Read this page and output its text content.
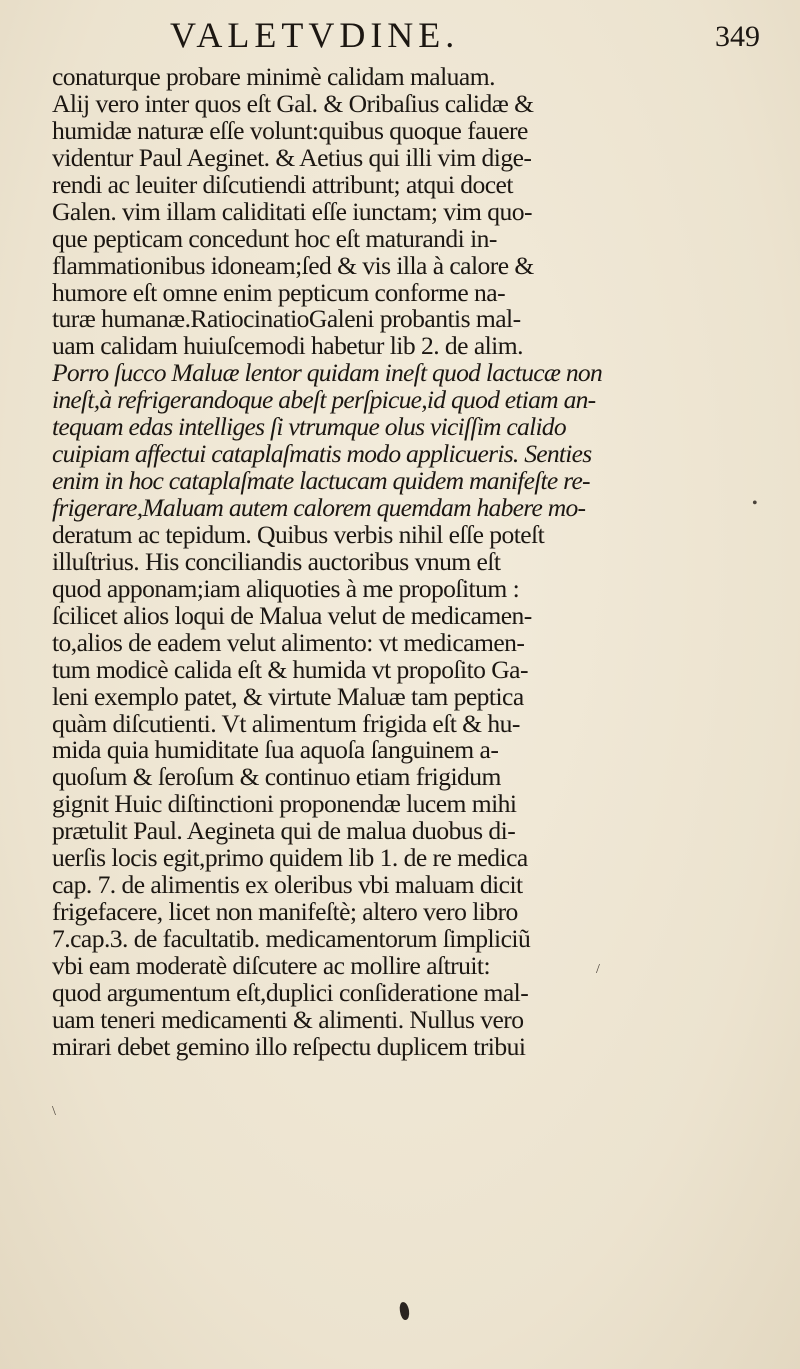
VALETVDINE.	349
conaturque probare minimè calidam maluam.
Alij vero inter quos eſt Gal. & Oribaſius calidæ &
humidæ naturæ eſſe volunt:quibus quoque fauere
videntur Paul Aeginet. & Aetius qui illi vim dige-
rendi ac leuiter diſcutiendi attribunt; atqui docet
Galen. vim illam caliditati eſſe iunctam; vim quo-
que pepticam concedunt hoc eſt maturandi in-
flammationibus idoneam;ſed & vis illa à calore &
humore eſt omne enim pepticum conforme na-
turæ humanæ.RatiocinatioGaleni probantis mal-
uam calidam huiuſcemodi habetur lib 2. de alim.
Porro ſucco Maluæ lentor quidam ineſt quod lactucæ non
ineſt,à refrigerandoque abeſt perſpicue,id quod etiam an-
tequam edas intelliges ſi vtrumque olus viciſſim calido
cuipiam affectui cataplaſmatis modo applicueris. Senties
enim in hoc cataplaſmate lactucam quidem manifeſte re-
frigerare,Maluam autem calorem quemdam habere mo-
deratum ac tepidum. Quibus verbis nihil eſſe poteſt
illuſtrius. His conciliandis auctoribus vnum eſt
quod apponam;iam aliquoties à me propoſitum :
ſcilicet alios loqui de Malua velut de medicamen-
to,alios de eadem velut alimento: vt medicamen-
tum modicè calida eſt & humida vt propoſito Ga-
leni exemplo patet, & virtute Maluæ tam peptica
quàm diſcutienti. Vt alimentum frigida eſt & hu-
mida quia humiditate ſua aquoſa ſanguinem a-
quoſum & ſeroſum & continuo etiam frigidum
gignit Huic diſtinctioni proponendæ lucem mihi
prætulit Paul. Aegineta qui de malua duobus di-
uerſis locis egit,primo quidem lib 1. de re medica
cap. 7. de alimentis ex oleribus vbi maluam dicit
frigefacere, licet non manifeſtè; altero vero libro
7.cap.3. de facultatib. medicamentorum ſimpliciũ
vbi eam moderatè diſcutere ac mollire aſtruit:
quod argumentum eſt,duplici conſideratione mal-
uam teneri medicamenti & alimenti. Nullus vero
mirari debet gemino illo reſpectu duplicem tribui
\
/
•
